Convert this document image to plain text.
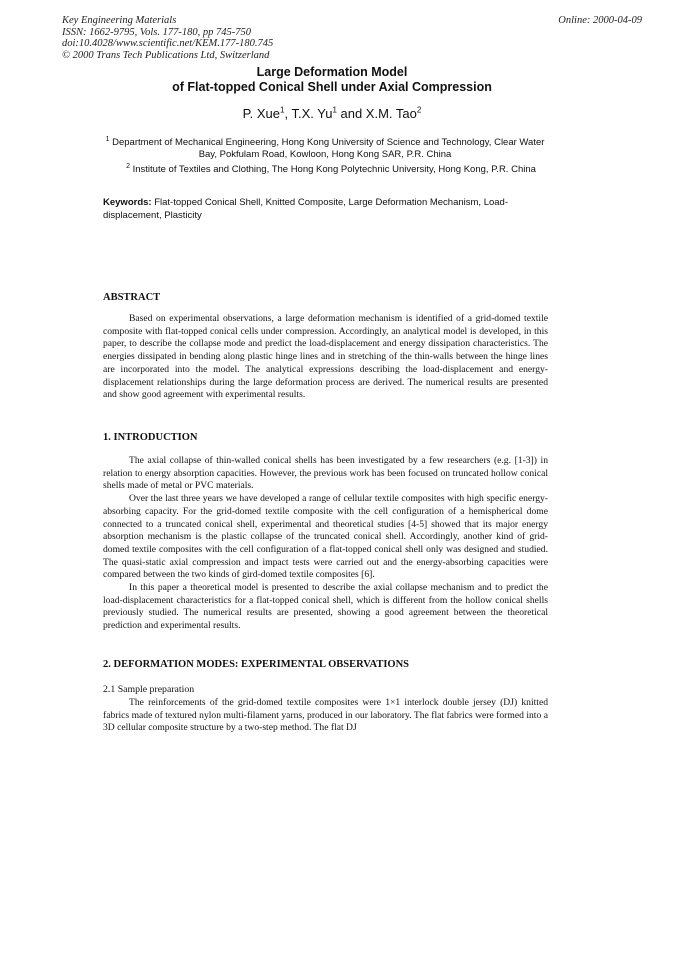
Key Engineering Materials
ISSN: 1662-9795, Vols. 177-180, pp 745-750
doi:10.4028/www.scientific.net/KEM.177-180.745
© 2000 Trans Tech Publications Ltd, Switzerland
Online: 2000-04-09
Large Deformation Model
of Flat-topped Conical Shell under Axial Compression
P. Xue$^1$, T.X. Yu$^1$ and X.M. Tao$^2$
$^1$ Department of Mechanical Engineering, Hong Kong University of Science and Technology, Clear Water Bay, Pokfulam Road, Kowloon, Hong Kong SAR, P.R. China
$^2$ Institute of Textiles and Clothing, The Hong Kong Polytechnic University, Hong Kong, P.R. China
Keywords: Flat-topped Conical Shell, Knitted Composite, Large Deformation Mechanism, Load-displacement, Plasticity
ABSTRACT

Based on experimental observations, a large deformation mechanism is identified of a grid-domed textile composite with flat-topped conical cells under compression. Accordingly, an analytical model is developed, in this paper, to describe the collapse mode and predict the load-displacement and energy dissipation characteristics. The energies dissipated in bending along plastic hinge lines and in stretching of the thin-walls between the hinge lines are incorporated into the model. The analytical expressions describing the load-displacement and energy-displacement relationships during the large deformation process are derived. The numerical results are presented and show good agreement with experimental results.

1. INTRODUCTION

The axial collapse of thin-walled conical shells has been investigated by a few researchers (e.g. [1-3]) in relation to energy absorption capacities. However, the previous work has been focused on truncated hollow conical shells made of metal or PVC materials.

Over the last three years we have developed a range of cellular textile composites with high specific energy-absorbing capacity. For the grid-domed textile composite with the cell configuration of a hemispherical dome connected to a truncated conical shell, experimental and theoretical studies [4-5] showed that its major energy absorption mechanism is the plastic collapse of the truncated conical shell. Accordingly, another kind of grid-domed textile composites with the cell configuration of a flat-topped conical shell only was designed and studied. The quasi-static axial compression and impact tests were carried out and the energy-absorbing capacities were compared between the two kinds of gird-domed textile composites [6].

In this paper a theoretical model is presented to describe the axial collapse mechanism and to predict the load-displacement characteristics for a flat-topped conical shell, which is different from the hollow conical shells previously studied. The numerical results are presented, showing a good agreement between the theoretical prediction and experimental results.

2. DEFORMATION MODES: EXPERIMENTAL OBSERVATIONS
2.1 Sample preparation

The reinforcements of the grid-domed textile composites were 1×1 interlock double jersey (DJ) knitted fabrics made of textured nylon multi-filament yarns, produced in our laboratory. The flat fabrics were formed into a 3D cellular composite structure by a two-step method. The flat DJ
